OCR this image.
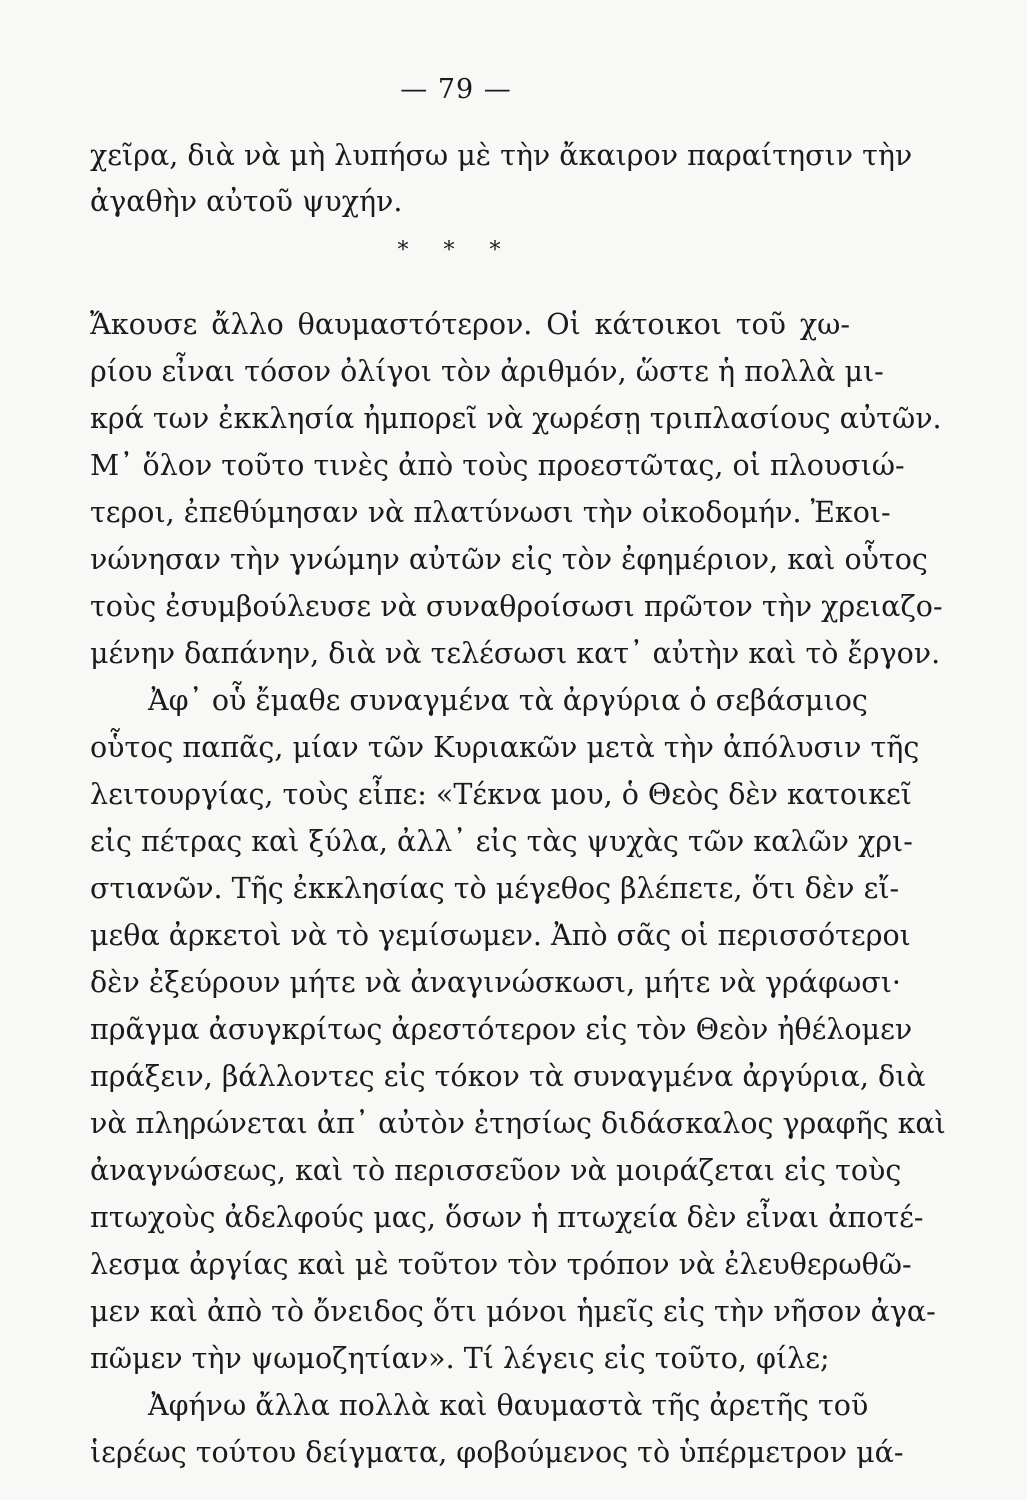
— 79 —
χεῖρα, διὰ νὰ μὴ λυπήσω μὲ τὴν ἄκαιρον παραίτησιν τὴν
ἀγαθὴν αὐτοῦ ψυχήν.
* * *
Ἄκουσε ἄλλο θαυμαστότερον. Οἱ κάτοικοι τοῦ χω-
ρίου εἶναι τόσον ὀλίγοι τὸν ἀριθμόν, ὥστε ἡ πολλὰ μι-
κρά των ἐκκλησία ἠμπορεῖ νὰ χωρέσῃ τριπλασίους αὐτῶν.
Μ᾿ ὅλον τοῦτο τινὲς ἀπὸ τοὺς προεστῶτας, οἱ πλουσιώ-
τεροι, ἐπεθύμησαν νὰ πλατύνωσι τὴν οἰκοδομήν. Ἐκοι-
νώνησαν τὴν γνώμην αὐτῶν εἰς τὸν ἐφημέριον, καὶ οὗτος
τοὺς ἐσυμβούλευσε νὰ συναθροίσωσι πρῶτον τὴν χρειαζο-
μένην δαπάνην, διὰ νὰ τελέσωσι κατ᾿ αὐτὴν καὶ τὸ ἔργον.
Ἀφ᾿ οὗ ἔμαθε συναγμένα τὰ ἀργύρια ὁ σεβάσμιος
οὗτος παπᾶς, μίαν τῶν Κυριακῶν μετὰ τὴν ἀπόλυσιν τῆς
λειτουργίας, τοὺς εἶπε: «Τέκνα μου, ὁ Θεὸς δὲν κατοικεῖ
εἰς πέτρας καὶ ξύλα, ἀλλ᾿ εἰς τὰς ψυχὰς τῶν καλῶν χρι-
στιανῶν. Τῆς ἐκκλησίας τὸ μέγεθος βλέπετε, ὅτι δὲν εἴ-
μεθα ἀρκετοὶ νὰ τὸ γεμίσωμεν. Ἀπὸ σᾶς οἱ περισσότεροι
δὲν ἐξεύρουν μήτε νὰ ἀναγινώσκωσι, μήτε νὰ γράφωσι·
πρᾶγμα ἀσυγκρίτως ἀρεστότερον εἰς τὸν Θεὸν ἠθέλομεν
πράξειν, βάλλοντες εἰς τόκον τὰ συναγμένα ἀργύρια, διὰ
νὰ πληρώνεται ἀπ᾿ αὐτὸν ἐτησίως διδάσκαλος γραφῆς καὶ
ἀναγνώσεως, καὶ τὸ περισσεῦον νὰ μοιράζεται εἰς τοὺς
πτωχοὺς ἀδελφούς μας, ὅσων ἡ πτωχεία δὲν εἶναι ἀποτέ-
λεσμα ἀργίας καὶ μὲ τοῦτον τὸν τρόπον νὰ ἐλευθερωθῶ-
μεν καὶ ἀπὸ τὸ ὄνειδος ὅτι μόνοι ἡμεῖς εἰς τὴν νῆσον ἀγα-
πῶμεν τὴν ψωμοζητίαν». Τί λέγεις εἰς τοῦτο, φίλε;
Ἀφήνω ἄλλα πολλὰ καὶ θαυμαστὰ τῆς ἀρετῆς τοῦ
ἱερέως τούτου δείγματα, φοβούμενος τὸ ὑπέρμετρον μά-
